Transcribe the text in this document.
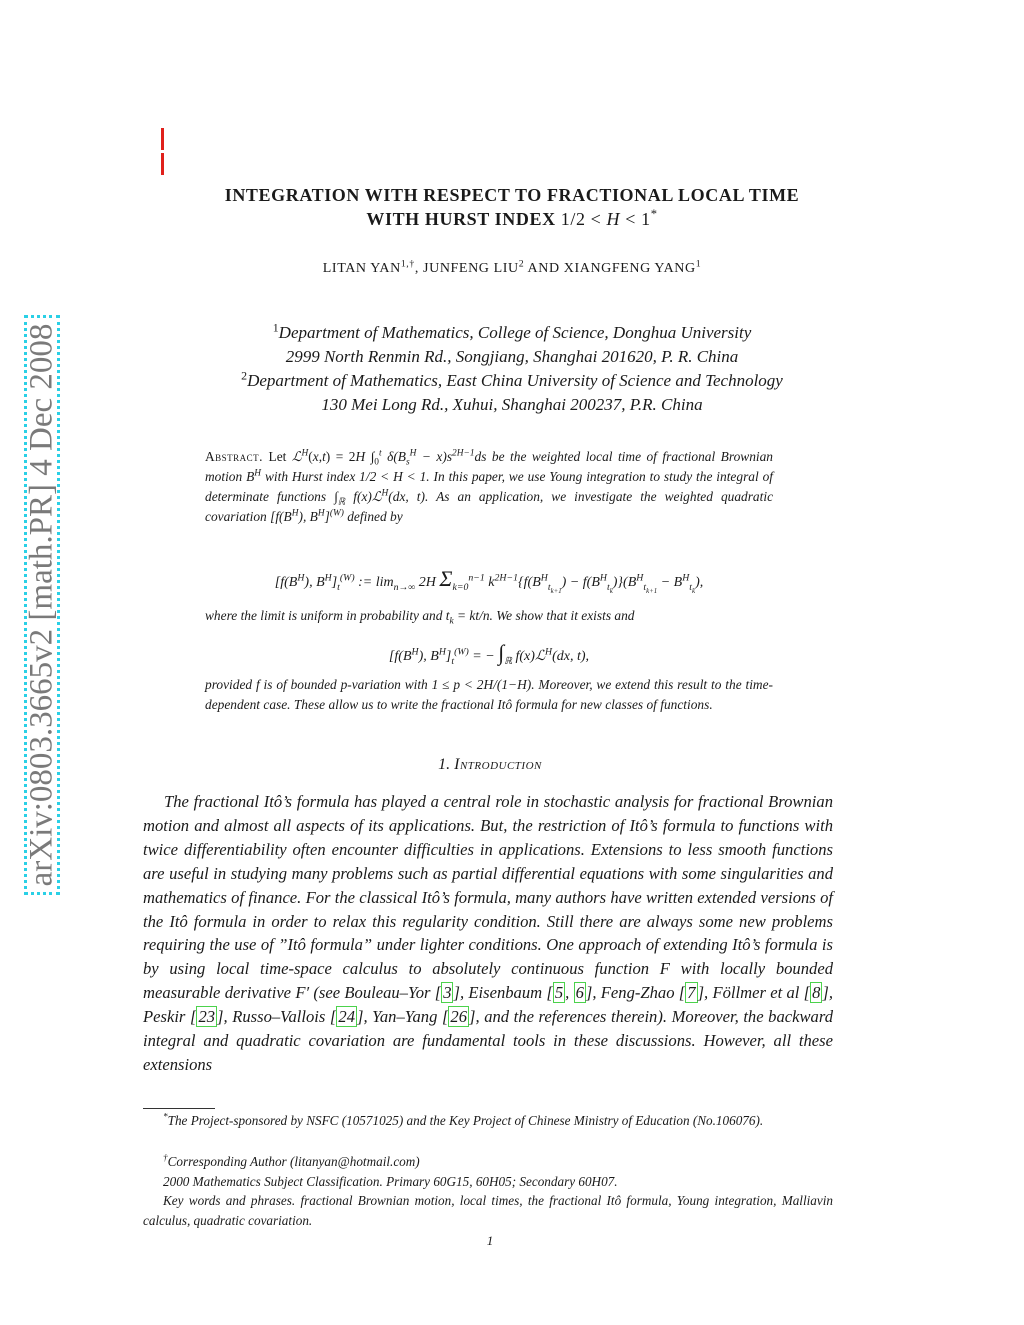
arXiv:0803.3665v2 [math.PR] 4 Dec 2008
INTEGRATION WITH RESPECT TO FRACTIONAL LOCAL TIME
WITH HURST INDEX 1/2 < H < 1*
LITAN $YAN^{1,\dagger}$, JUNFENG LIU$^2$ AND XIANGFENG YANG$^1$
$^1$Department of Mathematics, College of Science, Donghua University
2999 North Renmin Rd., Songjiang, Shanghai 201620, P. R. China
$^2$Department of Mathematics, East China University of Science and Technology
130 Mei Long Rd., Xuhui, Shanghai 200237, P.R. China
Abstract. Let ℒ$^H$(x,t) = 2H $\int_0^t$ $\delta(B_s^H - x)s^{2H-1}ds$ be the weighted local time of fractional Brownian motion $B^H$ with Hurst index 1/2 < H < 1. In this paper, we use Young integration to study the integral of determinate functions $\int_ℝ$ f(x)ℒ$^H$(dx, t). As an application, we investigate the weighted quadratic covariation [$f(B^H)$, $B^H]^{(W)}$ defined by
[$f(B^H)$, $B^H]_t^{(W)}$ := $\lim_{n\to\infty} 2H$ $\Sigma_{k=0}^{n-1}$ $k^{2H-1}\{f(B^H_{t_{k+1}}) - f(B^H_{t_k})\}(B^H_{t_{k+1}} - B^H_{t_k})$,
where the limit is uniform in probability and $t_k = kt/n$. We show that it exists and
[$f(B^H)$, $B^H]_t^{(W)}$ = − $\int_ℝ$ f(x)ℒ$^H$(dx, t),
provided f is of bounded p-variation with 1 ≤ p < 2H/(1−H). Moreover, we extend this result to the time-dependent case. These allow us to write the fractional Itô formula for new classes of functions.
1. Introduction

The fractional Itô’s formula has played a central role in stochastic analysis for fractional Brownian motion and almost all aspects of its applications. But, the restriction of Itô’s formula to functions with twice differentiability often encounter difficulties in applications. Extensions to less smooth functions are useful in studying many problems such as partial differential equations with some singularities and mathematics of finance. For the classical Itô’s formula, many authors have written extended versions of the Itô formula in order to relax this regularity condition. Still there are always some new problems requiring the use of ”Itô formula” under lighter conditions. One approach of extending Itô’s formula is by using local time-space calculus to absolutely continuous function F with locally bounded measurable derivative F′ (see Bouleau–Yor [ 3 ], Eisenbaum [ 5 , 6 ], Feng-Zhao [ 7 ], Föllmer et al [ 8 ], Peskir [ 23 ], Russo–Vallois [ 24 ], Yan–Yang [ 26 ], and the references therein). Moreover, the backward integral and quadratic covariation are fundamental tools in these discussions. However, all these extensions

*The Project-sponsored by NSFC (10571025) and the Key Project of Chinese Ministry of Education (No.106076).
†Corresponding Author (litanyan@hotmail.com)
2000 Mathematics Subject Classification. Primary 60G15, 60H05; Secondary 60H07.
Key words and phrases. fractional Brownian motion, local times, the fractional Itô formula, Young integration, Malliavin calculus, quadratic covariation.
1
